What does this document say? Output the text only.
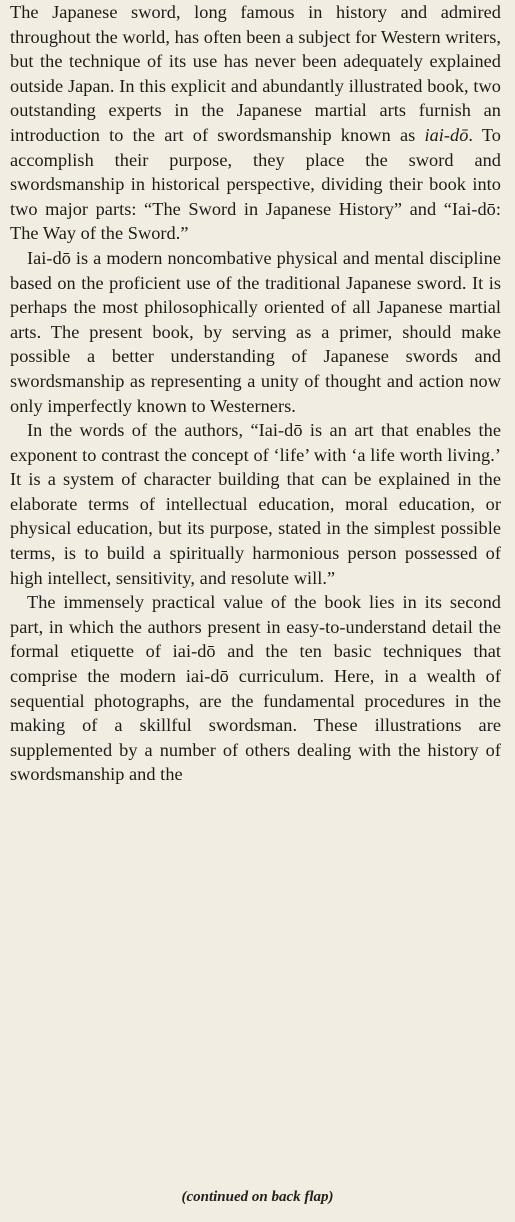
The Japanese sword, long famous in history and admired throughout the world, has often been a subject for Western writers, but the technique of its use has never been adequately explained outside Japan. In this explicit and abundantly illustrated book, two outstanding experts in the Japanese martial arts furnish an introduction to the art of swordsmanship known as iai-dō. To accomplish their purpose, they place the sword and swordsmanship in historical perspective, dividing their book into two major parts: “The Sword in Japanese History” and “Iai-dō: The Way of the Sword.”

Iai-dō is a modern noncombative physical and mental discipline based on the proficient use of the traditional Japanese sword. It is perhaps the most philosophically oriented of all Japanese martial arts. The present book, by serving as a primer, should make possible a better understanding of Japanese swords and swordsmanship as representing a unity of thought and action now only imperfectly known to Westerners.

In the words of the authors, “Iai-dō is an art that enables the exponent to contrast the concept of ‘life’ with ‘a life worth living.’ It is a system of character building that can be explained in the elaborate terms of intellectual education, moral education, or physical education, but its purpose, stated in the simplest possible terms, is to build a spiritually harmonious person possessed of high intellect, sensitivity, and resolute will.”

The immensely practical value of the book lies in its second part, in which the authors present in easy-to-understand detail the formal etiquette of iai-dō and the ten basic techniques that comprise the modern iai-dō curriculum. Here, in a wealth of sequential photographs, are the fundamental procedures in the making of a skillful swordsman. These illustrations are supplemented by a number of others dealing with the history of swordsmanship and the

(continued on back flap)
